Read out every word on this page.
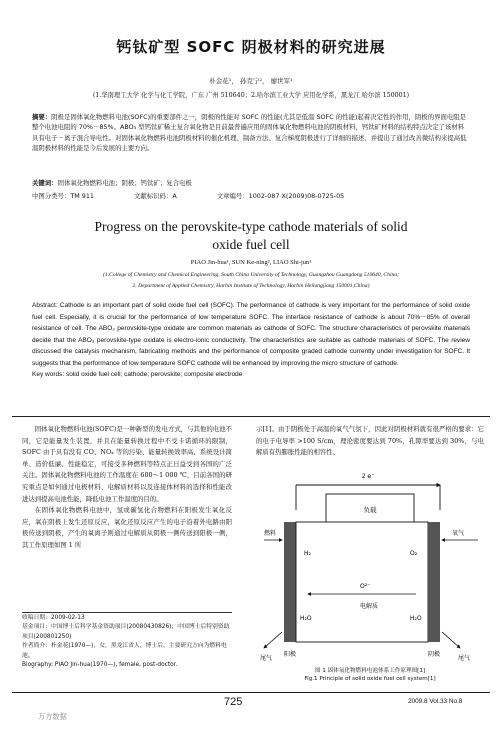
钙钛矿型 SOFC 阴极材料的研究进展
朴金花¹， 孙克宁²， 廖世军¹
(1.华南理工大学 化学与化工学院，广东 广州 510640；2.哈尔滨工业大学 应用化学系，黑龙江 哈尔滨 150001)
摘要：阴极是固体氧化物燃料电池(SOFC)的重要部件之一，阴极的性能对 SOFC 的性能(尤其是低温 SOFC 的性能)起着决定性的作用，阴极的界面电阻是整个电池电阻的 70%－85%。ABO₃ 型钙钛矿稀土复合氧化物是目前最普遍应用的固体氧化物燃料电池的阴极材料，钙钛矿材料的结构特点决定了该材料具有电子－离子混合导电性。对固体氧化物燃料电池阴极材料的催化机理、制备方法、复合梯度阴极进行了详细的描述，并提出了通过改善微结构来提高低温阴极材料的性能是今后发展的主要方向。
关键词：固体氧化物燃料电池；阴极；钙钛矿；复合电极
中图分类号：TM 911	文献标识码：A	文章编号：1002-087 X(2009)08-0725-05
Progress on the perovskite-type cathode materials of solid
oxide fuel cell
PIAO Jin-hua¹, SUN Ke-ning², LIAO Shi-jun¹
(1.College of Chemistry and Chemical Engineering, South China University of Technology, Guangzhou Guangdong 510640, China;
2. Department of Applied Chemistry, Harbin Institute of Technology, Harbin Heilongjiang 150001,China)
Abstract: Cathode is an important part of solid oxide fuel cell (SOFC). The performance of cathode is very important for the performance of solid oxide fuel cell. Especially, it is crucial for the performance of low temperature SOFC. The interface resistance of cathode is about 70%－85% of overall resistance of cell. The ABO₃ perovskite-type oxidate are common materials as cathode of SOFC. The structure characteristics of perovskite materials decide that the ABO₃ perovskite-type oxidate is electro-ionic conductivity. The characteristics are suitable as cathode materials of SOFC. The review discussed the catalysis mechanism, fabricating methods and the performance of composite graded cathode currently under investigation for SOFC. It suggests that the performance of low temperature SOFC cathode will be enhanced by improving the micro structure of cathode.
Key words: solid oxide fuel cell; cathode; perovskite; composite electrode
固体氧化物燃料电池(SOFC)是一种新型的发电方式，与其他的电池不同，它是能量发生装置，并且在能量转换过程中不受卡诺循环的限制，SOFC 由于具有没有 CO、NOₓ 等的污染、能量转换效率高、系统设计简单、造价低廉、性能稳定，可接受多种燃料等特点正日益受到各国的广泛关注。固体氧化物燃料电池的工作温度在 600～1 000 ℃，目前各国的研究重点是如何通过电极材料、电解质材料以及连接体材料的选择和性能改进达到提高电池性能，降低电池工作温度的目的。
在固体氧化物燃料电池中，氢或碳氢化合物燃料在阳极发生氧化反应，氧在阴极上发生还原反应，氧化还原反应产生的电子沿着外电路由阳极传送到阴极，产生的氧离子则通过电解质从阴极一侧传送到阳极一侧，其工作原理如图 1 所
收稿日期：2009-02-13
基金项目：中国博士后科学基金资助项目(20080430826)；中国博士后特别资助项目(200801250)
作者简介：朴金花(1970—)，女，黑龙江省人，博士后，主要研究方向为燃料电池。
Biography: PIAO Jin-hua(1970—), female, post-doctor.
示[1]。由于阴极处于高温的氧气气氛下，因此对阴极材料就有很严格的要求：它的电子电导率 >100 S/cm，理论密度要达到 70%，孔隙率要达到 30%，与电解质有热膨胀性能的相容性、
2 e⁻
负载
燃料	氧气
H₂	O₂
O²⁻
电解质
H₂O	H₂O
尾气	尾气
阳极	阴极
图 1 固体氧化物燃料电池体系工作原理图[1]
Fig.1 Principle of solid oxide fuel cell system[1]
725	2009.8 Vol.33 No.8
万方数据
